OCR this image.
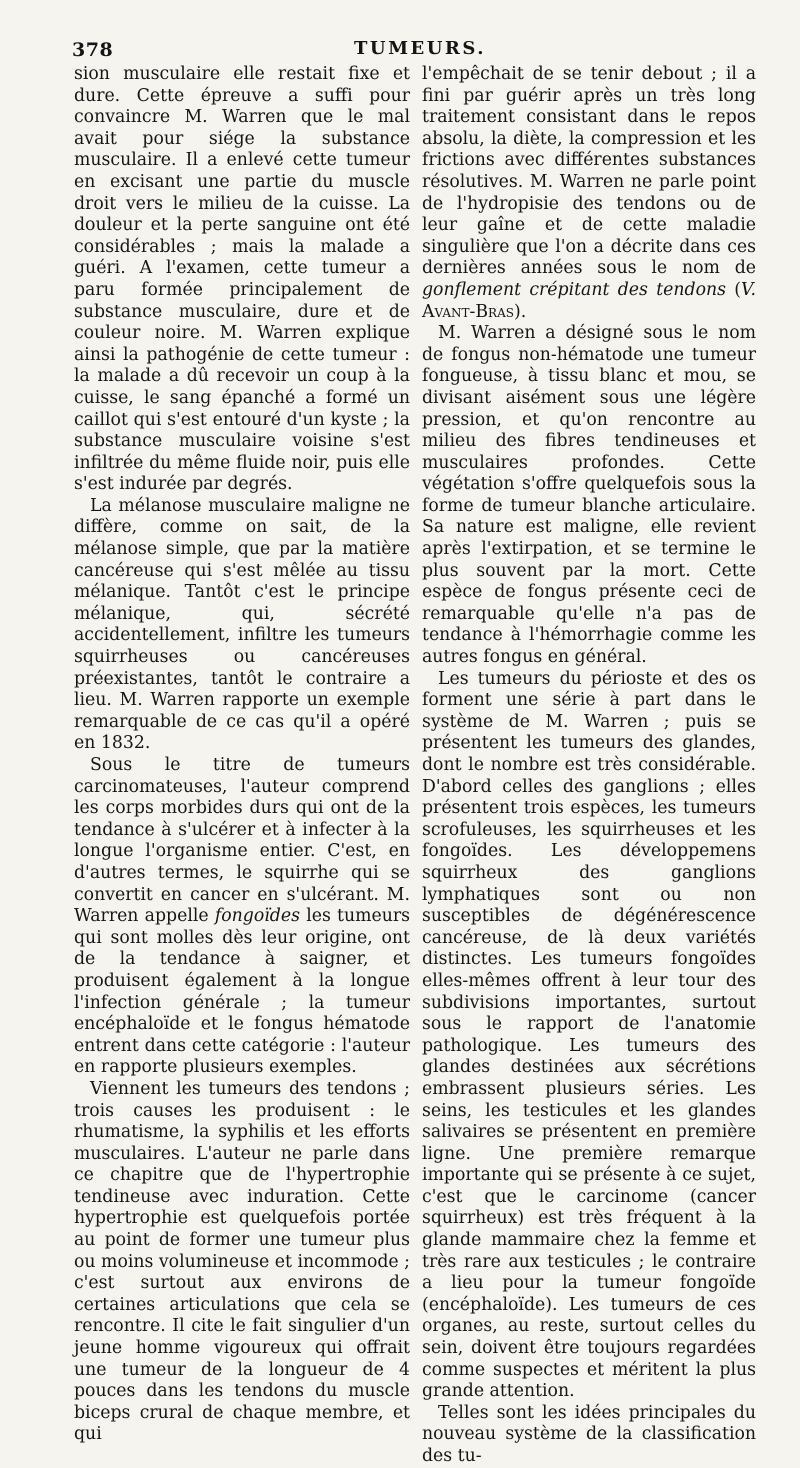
378	TUMEURS.

sion musculaire elle restait fixe et dure. Cette épreuve a suffi pour convaincre M. Warren que le mal avait pour siége la substance musculaire. Il a enlevé cette tumeur en excisant une partie du muscle droit vers le milieu de la cuisse. La douleur et la perte sanguine ont été considérables ; mais la malade a guéri. A l'examen, cette tumeur a paru formée principalement de substance musculaire, dure et de couleur noire. M. Warren explique ainsi la pathogénie de cette tumeur : la malade a dû recevoir un coup à la cuisse, le sang épanché a formé un caillot qui s'est entouré d'un kyste ; la substance musculaire voisine s'est infiltrée du même fluide noir, puis elle s'est indurée par degrés.

La mélanose musculaire maligne ne diffère, comme on sait, de la mélanose simple, que par la matière cancéreuse qui s'est mêlée au tissu mélanique. Tantôt c'est le principe mélanique, qui, sécrété accidentellement, infiltre les tumeurs squirrheuses ou cancéreuses préexistantes, tantôt le contraire a lieu. M. Warren rapporte un exemple remarquable de ce cas qu'il a opéré en 1832.

Sous le titre de tumeurs carcinomateuses, l'auteur comprend les corps morbides durs qui ont de la tendance à s'ulcérer et à infecter à la longue l'organisme entier. C'est, en d'autres termes, le squirrhe qui se convertit en cancer en s'ulcérant. M. Warren appelle fongoïdes les tumeurs qui sont molles dès leur origine, ont de la tendance à saigner, et produisent également à la longue l'infection générale ; la tumeur encéphaloïde et le fongus hématode entrent dans cette catégorie : l'auteur en rapporte plusieurs exemples.

Viennent les tumeurs des tendons ; trois causes les produisent : le rhumatisme, la syphilis et les efforts musculaires. L'auteur ne parle dans ce chapitre que de l'hypertrophie tendineuse avec induration. Cette hypertrophie est quelquefois portée au point de former une tumeur plus ou moins volumineuse et incommode ; c'est surtout aux environs de certaines articulations que cela se rencontre. Il cite le fait singulier d'un jeune homme vigoureux qui offrait une tumeur de la longueur de 4 pouces dans les tendons du muscle biceps crural de chaque membre, et qui

l'empêchait de se tenir debout ; il a fini par guérir après un très long traitement consistant dans le repos absolu, la diète, la compression et les frictions avec différentes substances résolutives. M. Warren ne parle point de l'hydropisie des tendons ou de leur gaîne et de cette maladie singulière que l'on a décrite dans ces dernières années sous le nom de gonflement crépitant des tendons (V. Avant-Bras).

M. Warren a désigné sous le nom de fongus non-hématode une tumeur fongueuse, à tissu blanc et mou, se divisant aisément sous une légère pression, et qu'on rencontre au milieu des fibres tendineuses et musculaires profondes. Cette végétation s'offre quelquefois sous la forme de tumeur blanche articulaire. Sa nature est maligne, elle revient après l'extirpation, et se termine le plus souvent par la mort. Cette espèce de fongus présente ceci de remarquable qu'elle n'a pas de tendance à l'hémorrhagie comme les autres fongus en général.

Les tumeurs du périoste et des os forment une série à part dans le système de M. Warren ; puis se présentent les tumeurs des glandes, dont le nombre est très considérable. D'abord celles des ganglions ; elles présentent trois espèces, les tumeurs scrofuleuses, les squirrheuses et les fongoïdes. Les développemens squirrheux des ganglions lymphatiques sont ou non susceptibles de dégénérescence cancéreuse, de là deux variétés distinctes. Les tumeurs fongoïdes elles-mêmes offrent à leur tour des subdivisions importantes, surtout sous le rapport de l'anatomie pathologique. Les tumeurs des glandes destinées aux sécrétions embrassent plusieurs séries. Les seins, les testicules et les glandes salivaires se présentent en première ligne. Une première remarque importante qui se présente à ce sujet, c'est que le carcinome (cancer squirrheux) est très fréquent à la glande mammaire chez la femme et très rare aux testicules ; le contraire a lieu pour la tumeur fongoïde (encéphaloïde). Les tumeurs de ces organes, au reste, surtout celles du sein, doivent être toujours regardées comme suspectes et méritent la plus grande attention.

Telles sont les idées principales du nouveau système de la classification des tu-
